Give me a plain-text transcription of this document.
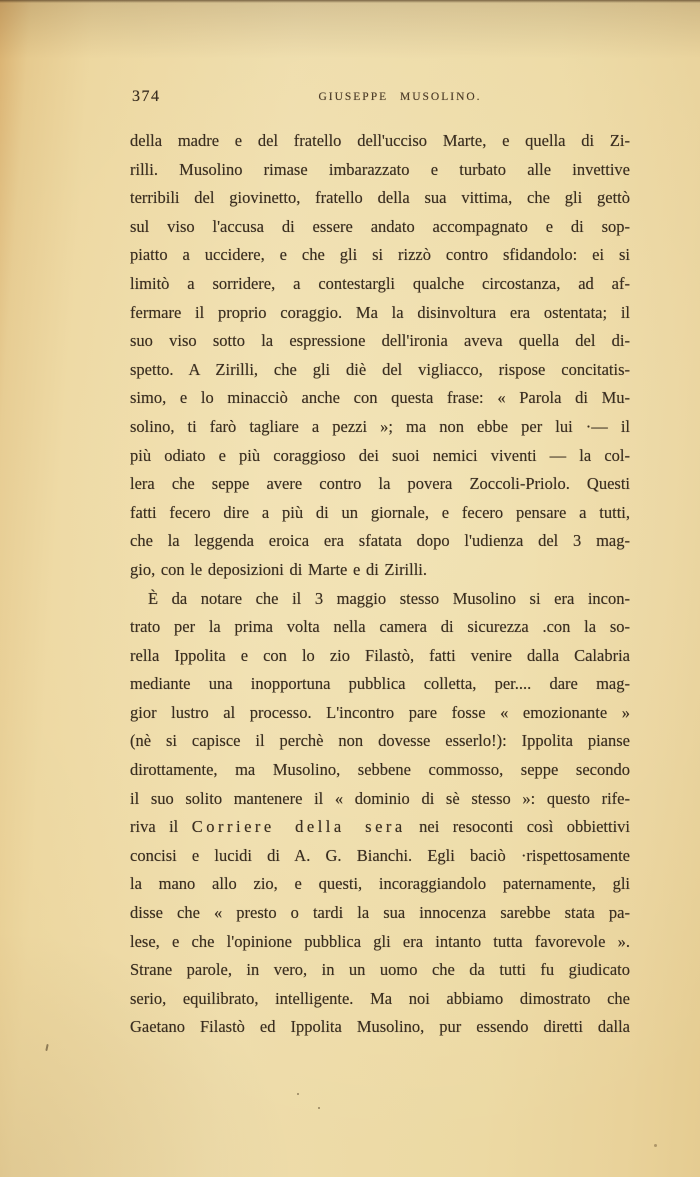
374	GIUSEPPE MUSOLINO.
della madre e del fratello dell'ucciso Marte, e quella di Zi-
rilli. Musolino rimase imbarazzato e turbato alle invettive
terribili del giovinetto, fratello della sua vittima, che gli gettò
sul viso l'accusa di essere andato accompagnato e di sop-
piatto a uccidere, e che gli si rizzò contro sfidandolo: ei si
limitò a sorridere, a contestargli qualche circostanza, ad af-
fermare il proprio coraggio. Ma la disinvoltura era ostentata; il
suo viso sotto la espressione dell'ironia aveva quella del di-
spetto. A Zirilli, che gli diè del vigliacco, rispose concitatis-
simo, e lo minacciò anche con questa frase: « Parola di Mu-
solino, ti farò tagliare a pezzi »; ma non ebbe per lui ·— il
più odiato e più coraggioso dei suoi nemici viventi — la col-
lera che seppe avere contro la povera Zoccoli-Priolo. Questi
fatti fecero dire a più di un giornale, e fecero pensare a tutti,
che la leggenda eroica era sfatata dopo l'udienza del 3 mag-
gio, con le deposizioni di Marte e di Zirilli.
È da notare che il 3 maggio stesso Musolino si era incon-
trato per la prima volta nella camera di sicurezza .con la so-
rella Ippolita e con lo zio Filastò, fatti venire dalla Calabria
mediante una inopportuna pubblica colletta, per.... dare mag-
gior lustro al processo. L'incontro pare fosse « emozionante »
(nè si capisce il perchè non dovesse esserlo!): Ippolita pianse
dirottamente, ma Musolino, sebbene commosso, seppe secondo
il suo solito mantenere il « dominio di sè stesso »: questo rife-
riva il Corriere della sera nei resoconti così obbiettivi
concisi e lucidi di A. G. Bianchi. Egli baciò ·rispettosamente
la mano allo zio, e questi, incoraggiandolo paternamente, gli
disse che « presto o tardi la sua innocenza sarebbe stata pa-
lese, e che l'opinione pubblica gli era intanto tutta favorevole ».
Strane parole, in vero, in un uomo che da tutti fu giudicato
serio, equilibrato, intelligente. Ma noi abbiamo dimostrato che
Gaetano Filastò ed Ippolita Musolino, pur essendo diretti dalla
